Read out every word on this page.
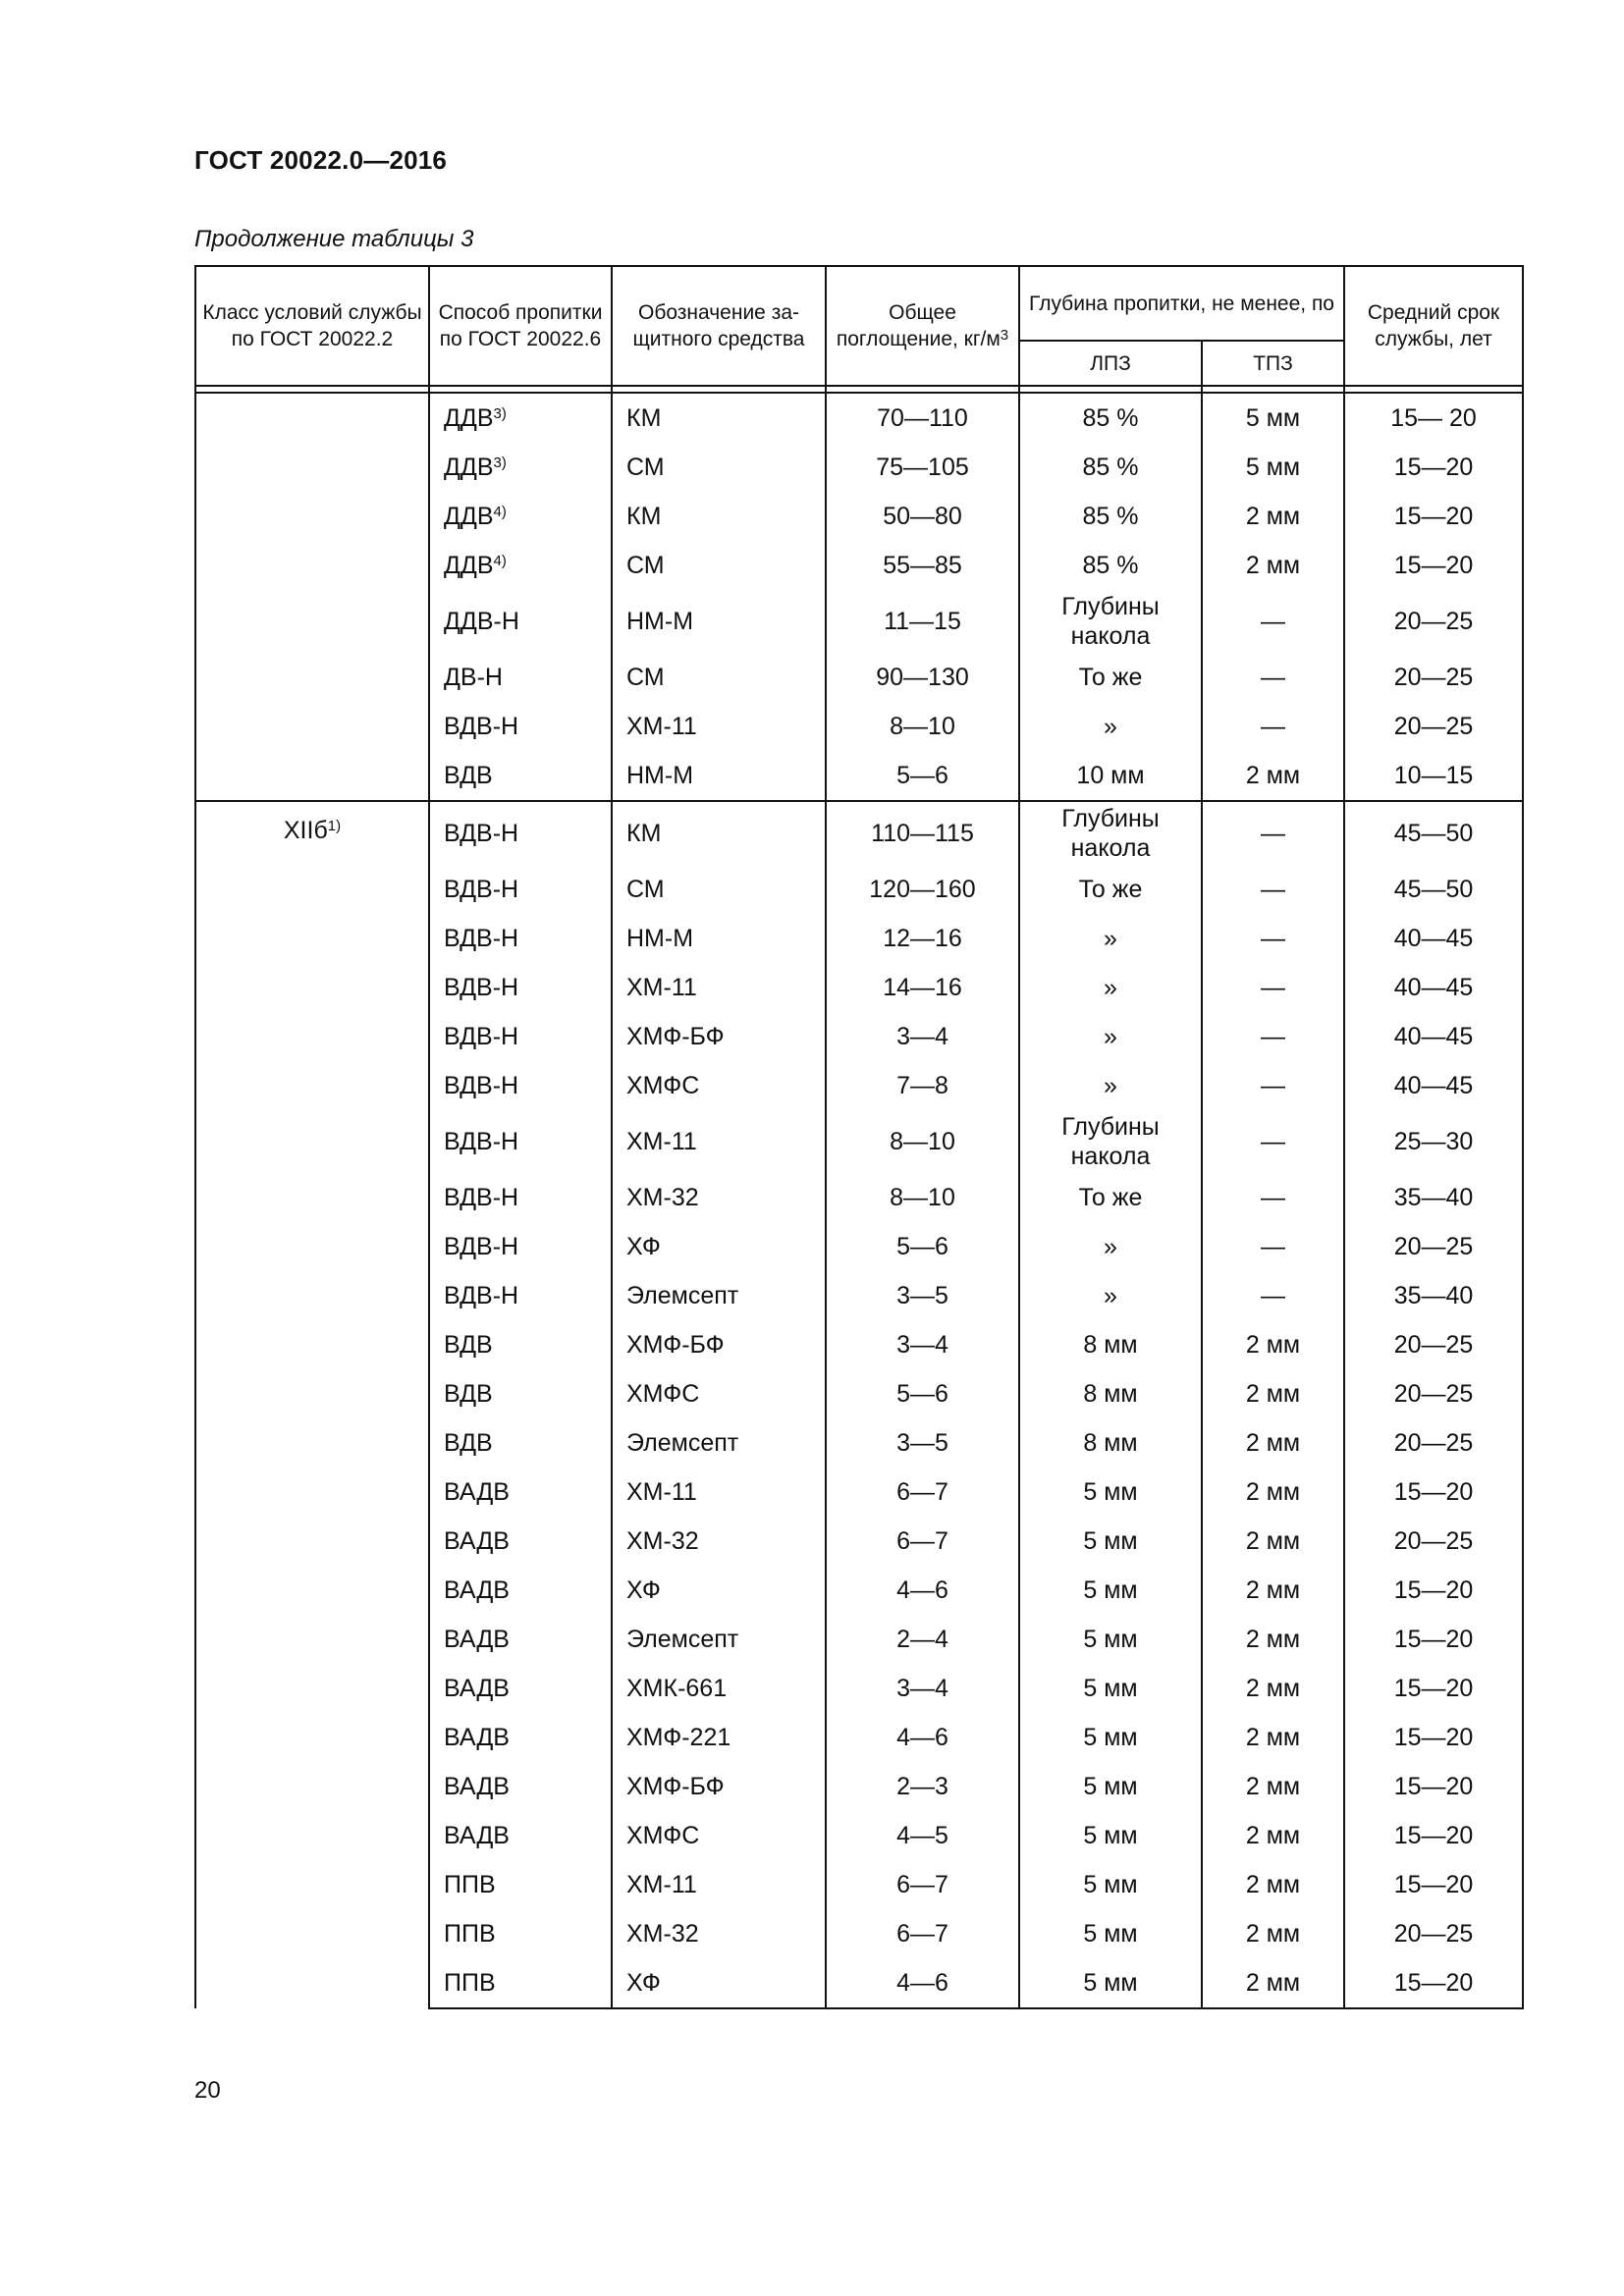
ГОСТ 20022.0—2016
Продолжение таблицы 3
Класс условий службы по ГОСТ 20022.2	Способ пропитки по ГОСТ 20022.6	Обозначение за- щитного средства	Общее поглощение, $кг/м^3$	Глубина пропитки, не менее, по		Средний срок службы, лет
				ЛПЗ	ТПЗ	

	ДДВ$^{3)}$	КМ	70—110	85 %	5 мм	15— 20
	ДДВ$^{3)}$	СМ	75—105	85 %	5 мм	15—20
	ДДВ$^{4)}$	КМ	50—80	85 %	2 мм	15—20
	ДДВ$^{4)}$	СМ	55—85	85 %	2 мм	15—20
	ДДВ-Н	НМ-М	11—15	Глубины накола	—	20—25
	ДВ-Н	СМ	90—130	То же	—	20—25
	ВДВ-Н	ХМ-11	8—10	»	—	20—25
	ВДВ	НМ-М	5—6	10 мм	2 мм	10—15
XIIб$^{1)}$	ВДВ-Н	КМ	110—115	Глубины накола	—	45—50
	ВДВ-Н	СМ	120—160	То же	—	45—50
	ВДВ-Н	НМ-М	12—16	»	—	40—45
	ВДВ-Н	ХМ-11	14—16	»	—	40—45
	ВДВ-Н	ХМФ-БФ	3—4	»	—	40—45
	ВДВ-Н	ХМФС	7—8	»	—	40—45
	ВДВ-Н	ХМ-11	8—10	Глубины накола	—	25—30
	ВДВ-Н	ХМ-32	8—10	То же	—	35—40
	ВДВ-Н	ХФ	5—6	»	—	20—25
	ВДВ-Н	Элемсепт	3—5	»	—	35—40
	ВДВ	ХМФ-БФ	3—4	8 мм	2 мм	20—25
	ВДВ	ХМФС	5—6	8 мм	2 мм	20—25
	ВДВ	Элемсепт	3—5	8 мм	2 мм	20—25
	ВАДВ	ХМ-11	6—7	5 мм	2 мм	15—20
	ВАДВ	ХМ-32	6—7	5 мм	2 мм	20—25
	ВАДВ	ХФ	4—6	5 мм	2 мм	15—20
	ВАДВ	Элемсепт	2—4	5 мм	2 мм	15—20
	ВАДВ	ХМК-661	3—4	5 мм	2 мм	15—20
	ВАДВ	ХМФ-221	4—6	5 мм	2 мм	15—20
	ВАДВ	ХМФ-БФ	2—3	5 мм	2 мм	15—20
	ВАДВ	ХМФС	4—5	5 мм	2 мм	15—20
	ППВ	ХМ-11	6—7	5 мм	2 мм	15—20
	ППВ	ХМ-32	6—7	5 мм	2 мм	20—25
	ППВ	ХФ	4—6	5 мм	2 мм	15—20
20
